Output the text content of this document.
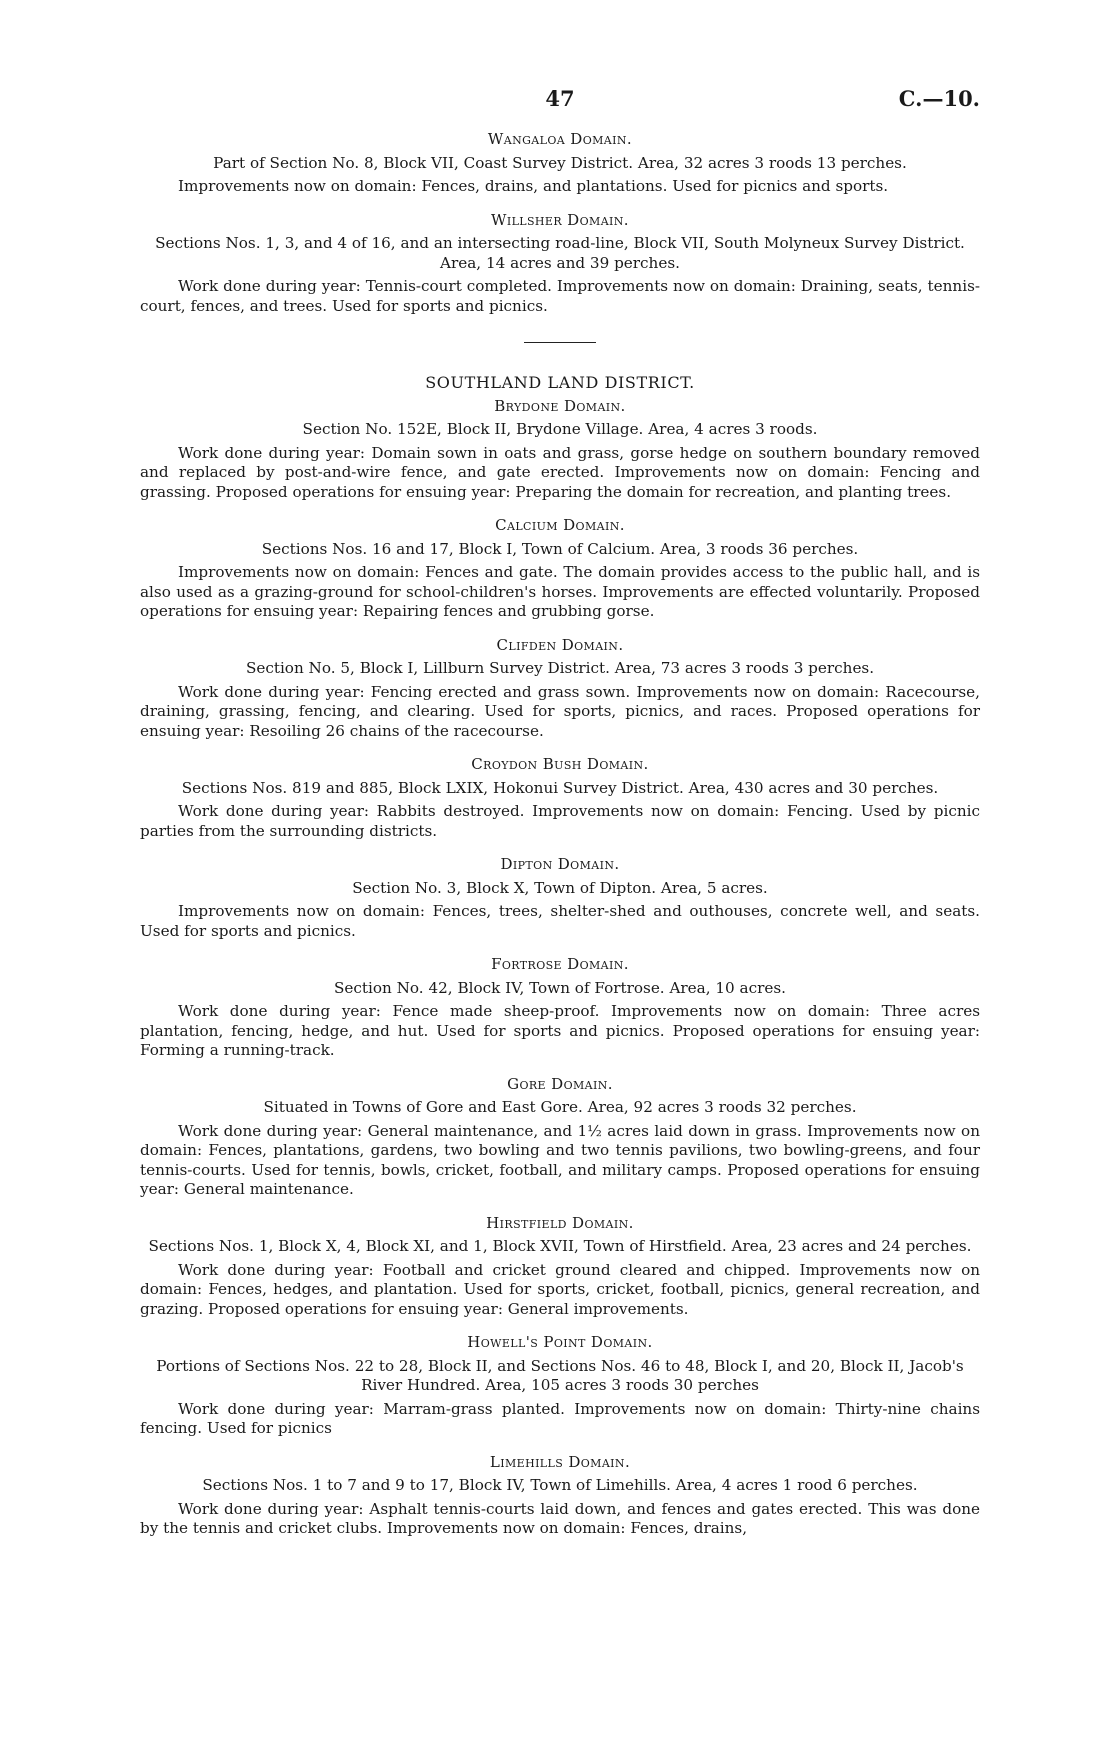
47	C.—10.

Wangaloa Domain.

Part of Section No. 8, Block VII, Coast Survey District. Area, 32 acres 3 roods 13 perches.

Improvements now on domain: Fences, drains, and plantations. Used for picnics and sports.

Willsher Domain.

Sections Nos. 1, 3, and 4 of 16, and an intersecting road-line, Block VII, South Molyneux Survey District. Area, 14 acres and 39 perches.

Work done during year: Tennis-court completed. Improvements now on domain: Draining, seats, tennis-court, fences, and trees. Used for sports and picnics.

SOUTHLAND LAND DISTRICT.

Brydone Domain.

Section No. 152E, Block II, Brydone Village. Area, 4 acres 3 roods.

Work done during year: Domain sown in oats and grass, gorse hedge on southern boundary removed and replaced by post-and-wire fence, and gate erected. Improvements now on domain: Fencing and grassing. Proposed operations for ensuing year: Preparing the domain for recreation, and planting trees.

Calcium Domain.

Sections Nos. 16 and 17, Block I, Town of Calcium. Area, 3 roods 36 perches.

Improvements now on domain: Fences and gate. The domain provides access to the public hall, and is also used as a grazing-ground for school-children's horses. Improvements are effected voluntarily. Proposed operations for ensuing year: Repairing fences and grubbing gorse.

Clifden Domain.

Section No. 5, Block I, Lillburn Survey District. Area, 73 acres 3 roods 3 perches.

Work done during year: Fencing erected and grass sown. Improvements now on domain: Racecourse, draining, grassing, fencing, and clearing. Used for sports, picnics, and races. Proposed operations for ensuing year: Resoiling 26 chains of the racecourse.

Croydon Bush Domain.

Sections Nos. 819 and 885, Block LXIX, Hokonui Survey District. Area, 430 acres and 30 perches.

Work done during year: Rabbits destroyed. Improvements now on domain: Fencing. Used by picnic parties from the surrounding districts.

Dipton Domain.

Section No. 3, Block X, Town of Dipton. Area, 5 acres.

Improvements now on domain: Fences, trees, shelter-shed and outhouses, concrete well, and seats. Used for sports and picnics.

Fortrose Domain.

Section No. 42, Block IV, Town of Fortrose. Area, 10 acres.

Work done during year: Fence made sheep-proof. Improvements now on domain: Three acres plantation, fencing, hedge, and hut. Used for sports and picnics. Proposed operations for ensuing year: Forming a running-track.

Gore Domain.

Situated in Towns of Gore and East Gore. Area, 92 acres 3 roods 32 perches.

Work done during year: General maintenance, and 1½ acres laid down in grass. Improvements now on domain: Fences, plantations, gardens, two bowling and two tennis pavilions, two bowling-greens, and four tennis-courts. Used for tennis, bowls, cricket, football, and military camps. Proposed operations for ensuing year: General maintenance.

Hirstfield Domain.

Sections Nos. 1, Block X, 4, Block XI, and 1, Block XVII, Town of Hirstfield. Area, 23 acres and 24 perches.

Work done during year: Football and cricket ground cleared and chipped. Improvements now on domain: Fences, hedges, and plantation. Used for sports, cricket, football, picnics, general recreation, and grazing. Proposed operations for ensuing year: General improvements.

Howell's Point Domain.

Portions of Sections Nos. 22 to 28, Block II, and Sections Nos. 46 to 48, Block I, and 20, Block II, Jacob's River Hundred. Area, 105 acres 3 roods 30 perches

Work done during year: Marram-grass planted. Improvements now on domain: Thirty-nine chains fencing. Used for picnics

Limehills Domain.

Sections Nos. 1 to 7 and 9 to 17, Block IV, Town of Limehills. Area, 4 acres 1 rood 6 perches.

Work done during year: Asphalt tennis-courts laid down, and fences and gates erected. This was done by the tennis and cricket clubs. Improvements now on domain: Fences, drains,
